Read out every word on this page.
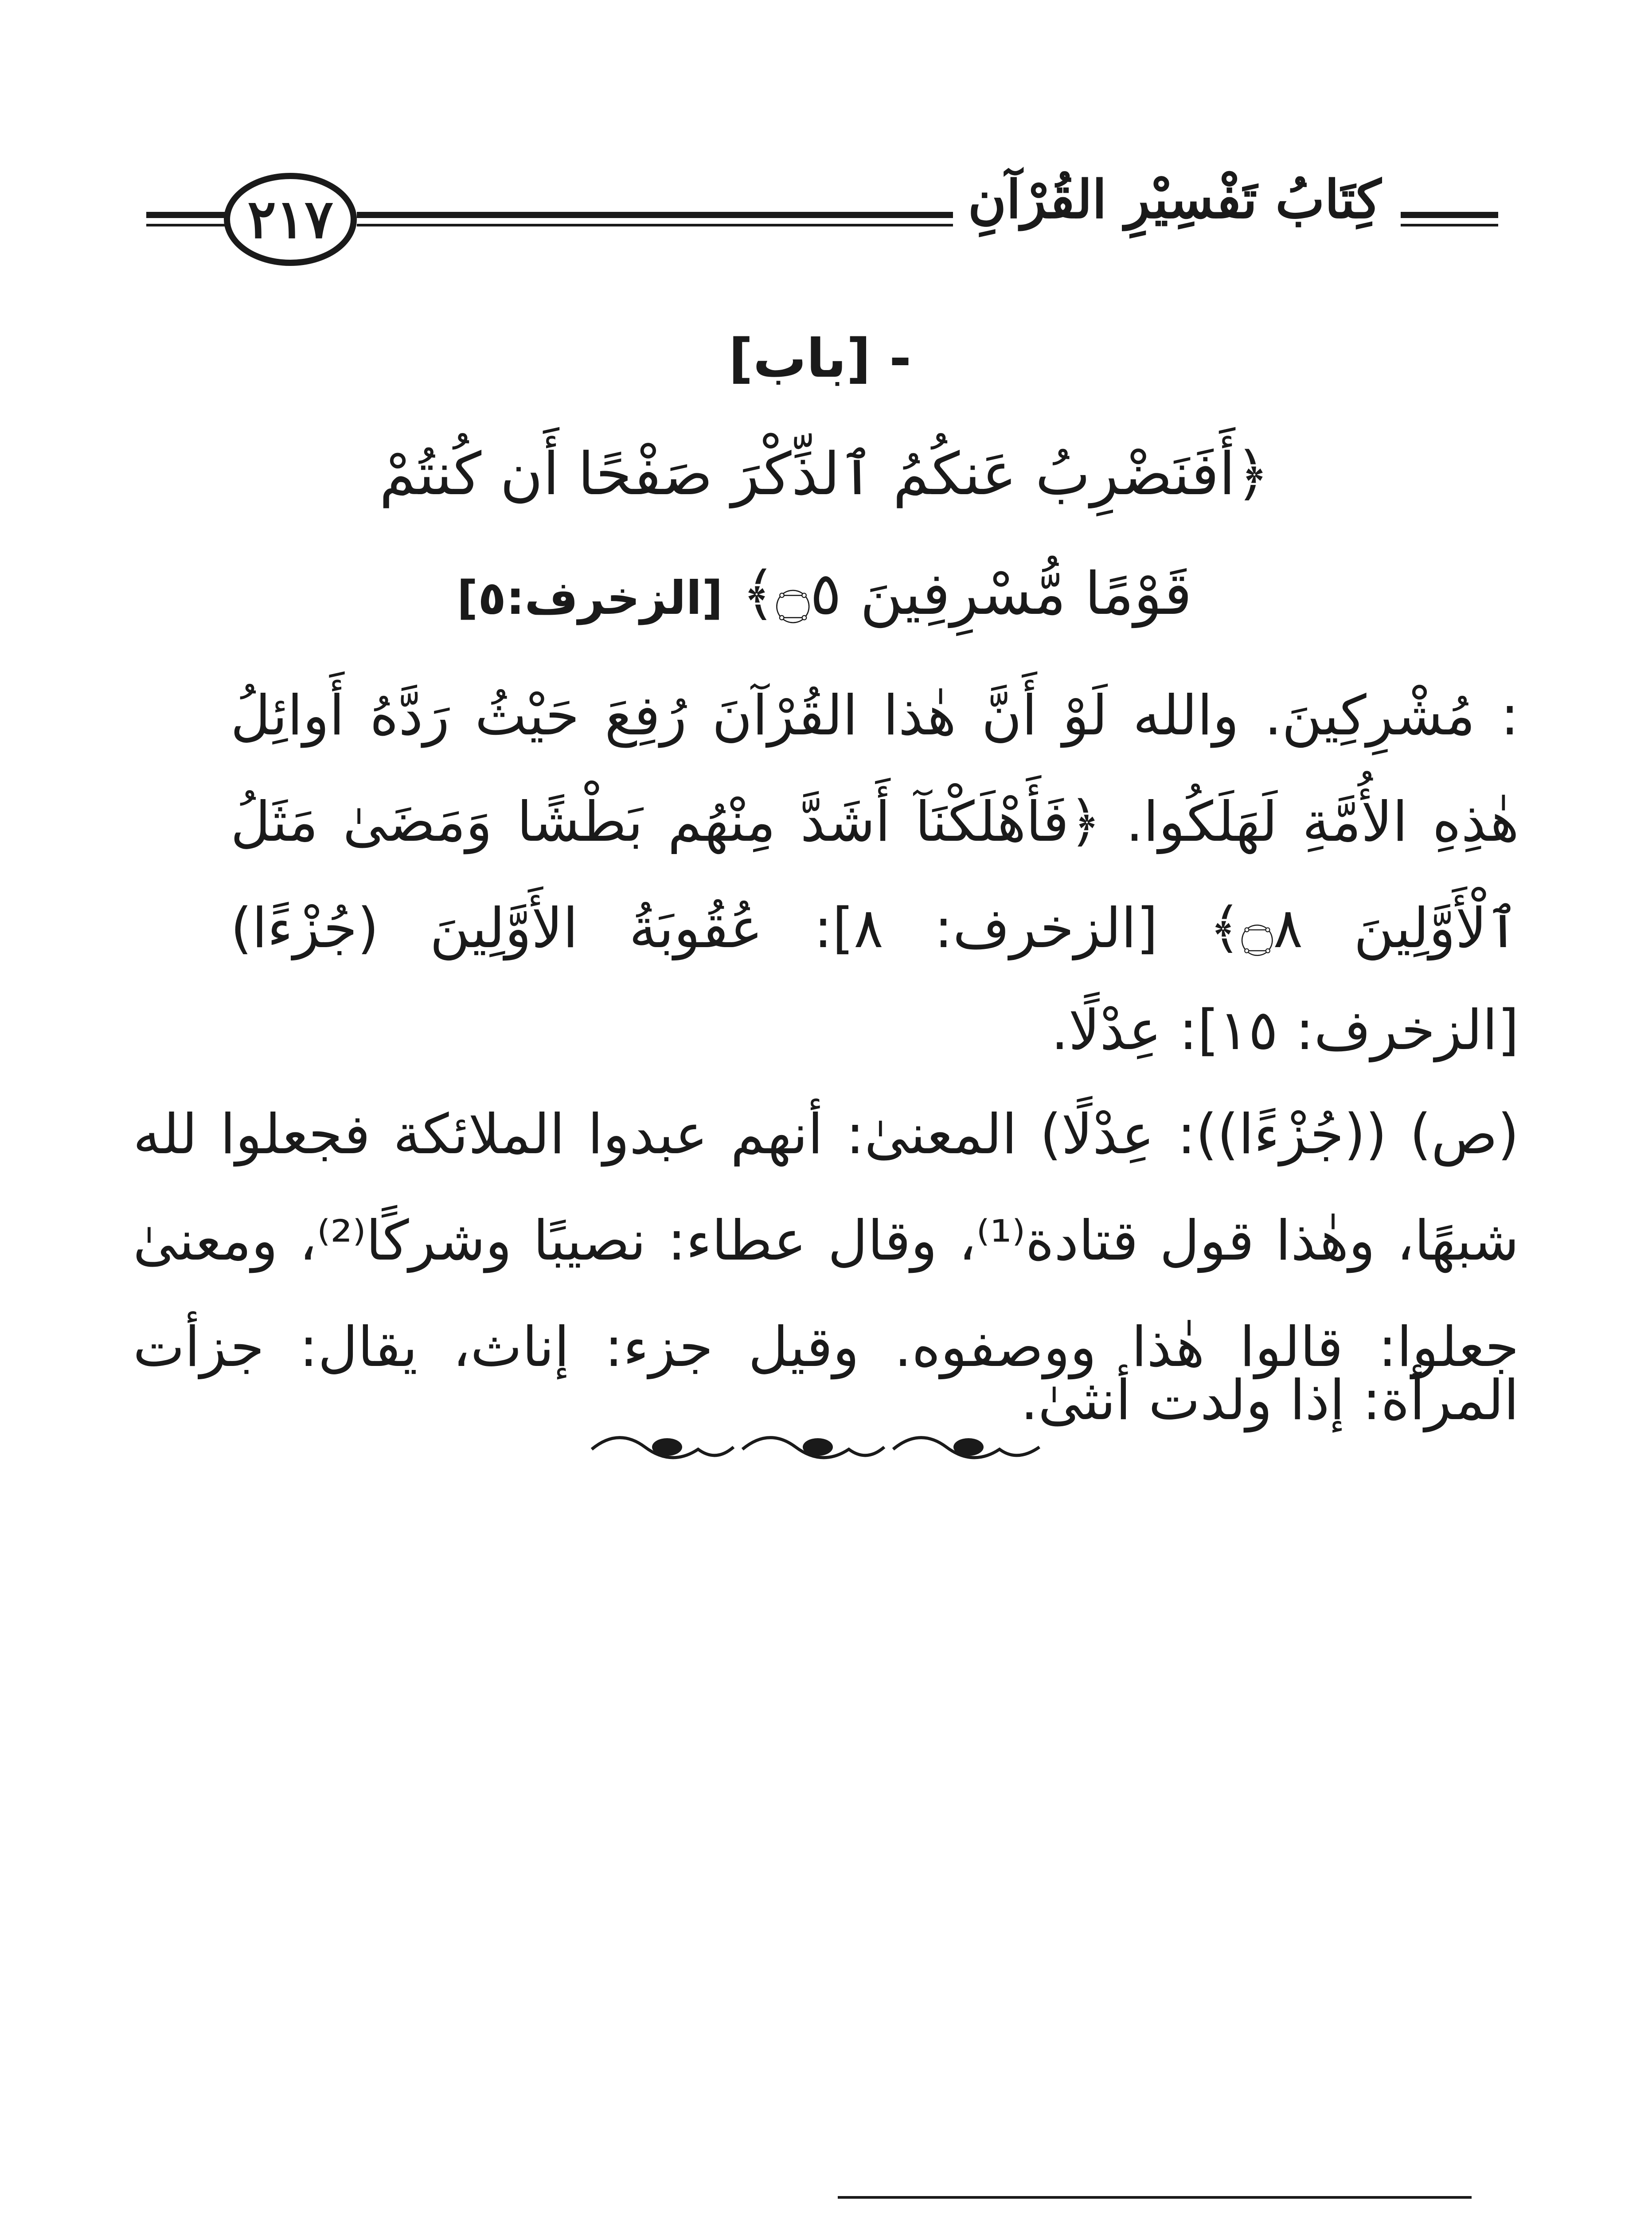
كِتَابُ تَفْسِيْرِ القُرْآنِ
٢١٧
- [باب]
﴿أَفَنَضْرِبُ عَنكُمُ ٱلذِّكْرَ صَفْحًا أَن كُنتُمْ
قَوْمًا مُّسْرِفِينَ ۝٥﴾ [الزخرف:٥]
: مُشْرِكِينَ. والله لَوْ أَنَّ هٰذا القُرْآنَ رُفِعَ حَيْثُ رَدَّهُ أَوائِلُ
هٰذِهِ الأُمَّةِ لَهَلَكُوا. ﴿فَأَهْلَكْنَآ أَشَدَّ مِنْهُم بَطْشًا وَمَضَىٰ مَثَلُ
ٱلْأَوَّلِينَ ۝٨﴾ [الزخرف: ٨]: عُقُوبَةُ الأَوَّلِينَ (جُزْءًا)
[الزخرف: ١٥]: عِدْلًا.
(ص) ((جُزْءًا)): عِدْلًا) المعنىٰ: أنهم عبدوا الملائكة فجعلوا لله
شبهًا، وهٰذا قول قتادة⁽¹⁾، وقال عطاء: نصيبًا وشركًا⁽²⁾، ومعنىٰ
جعلوا: قالوا هٰذا ووصفوه. وقيل جزء: إناث، يقال: جزأت
المرأة: إذا ولدت أنثىٰ.
